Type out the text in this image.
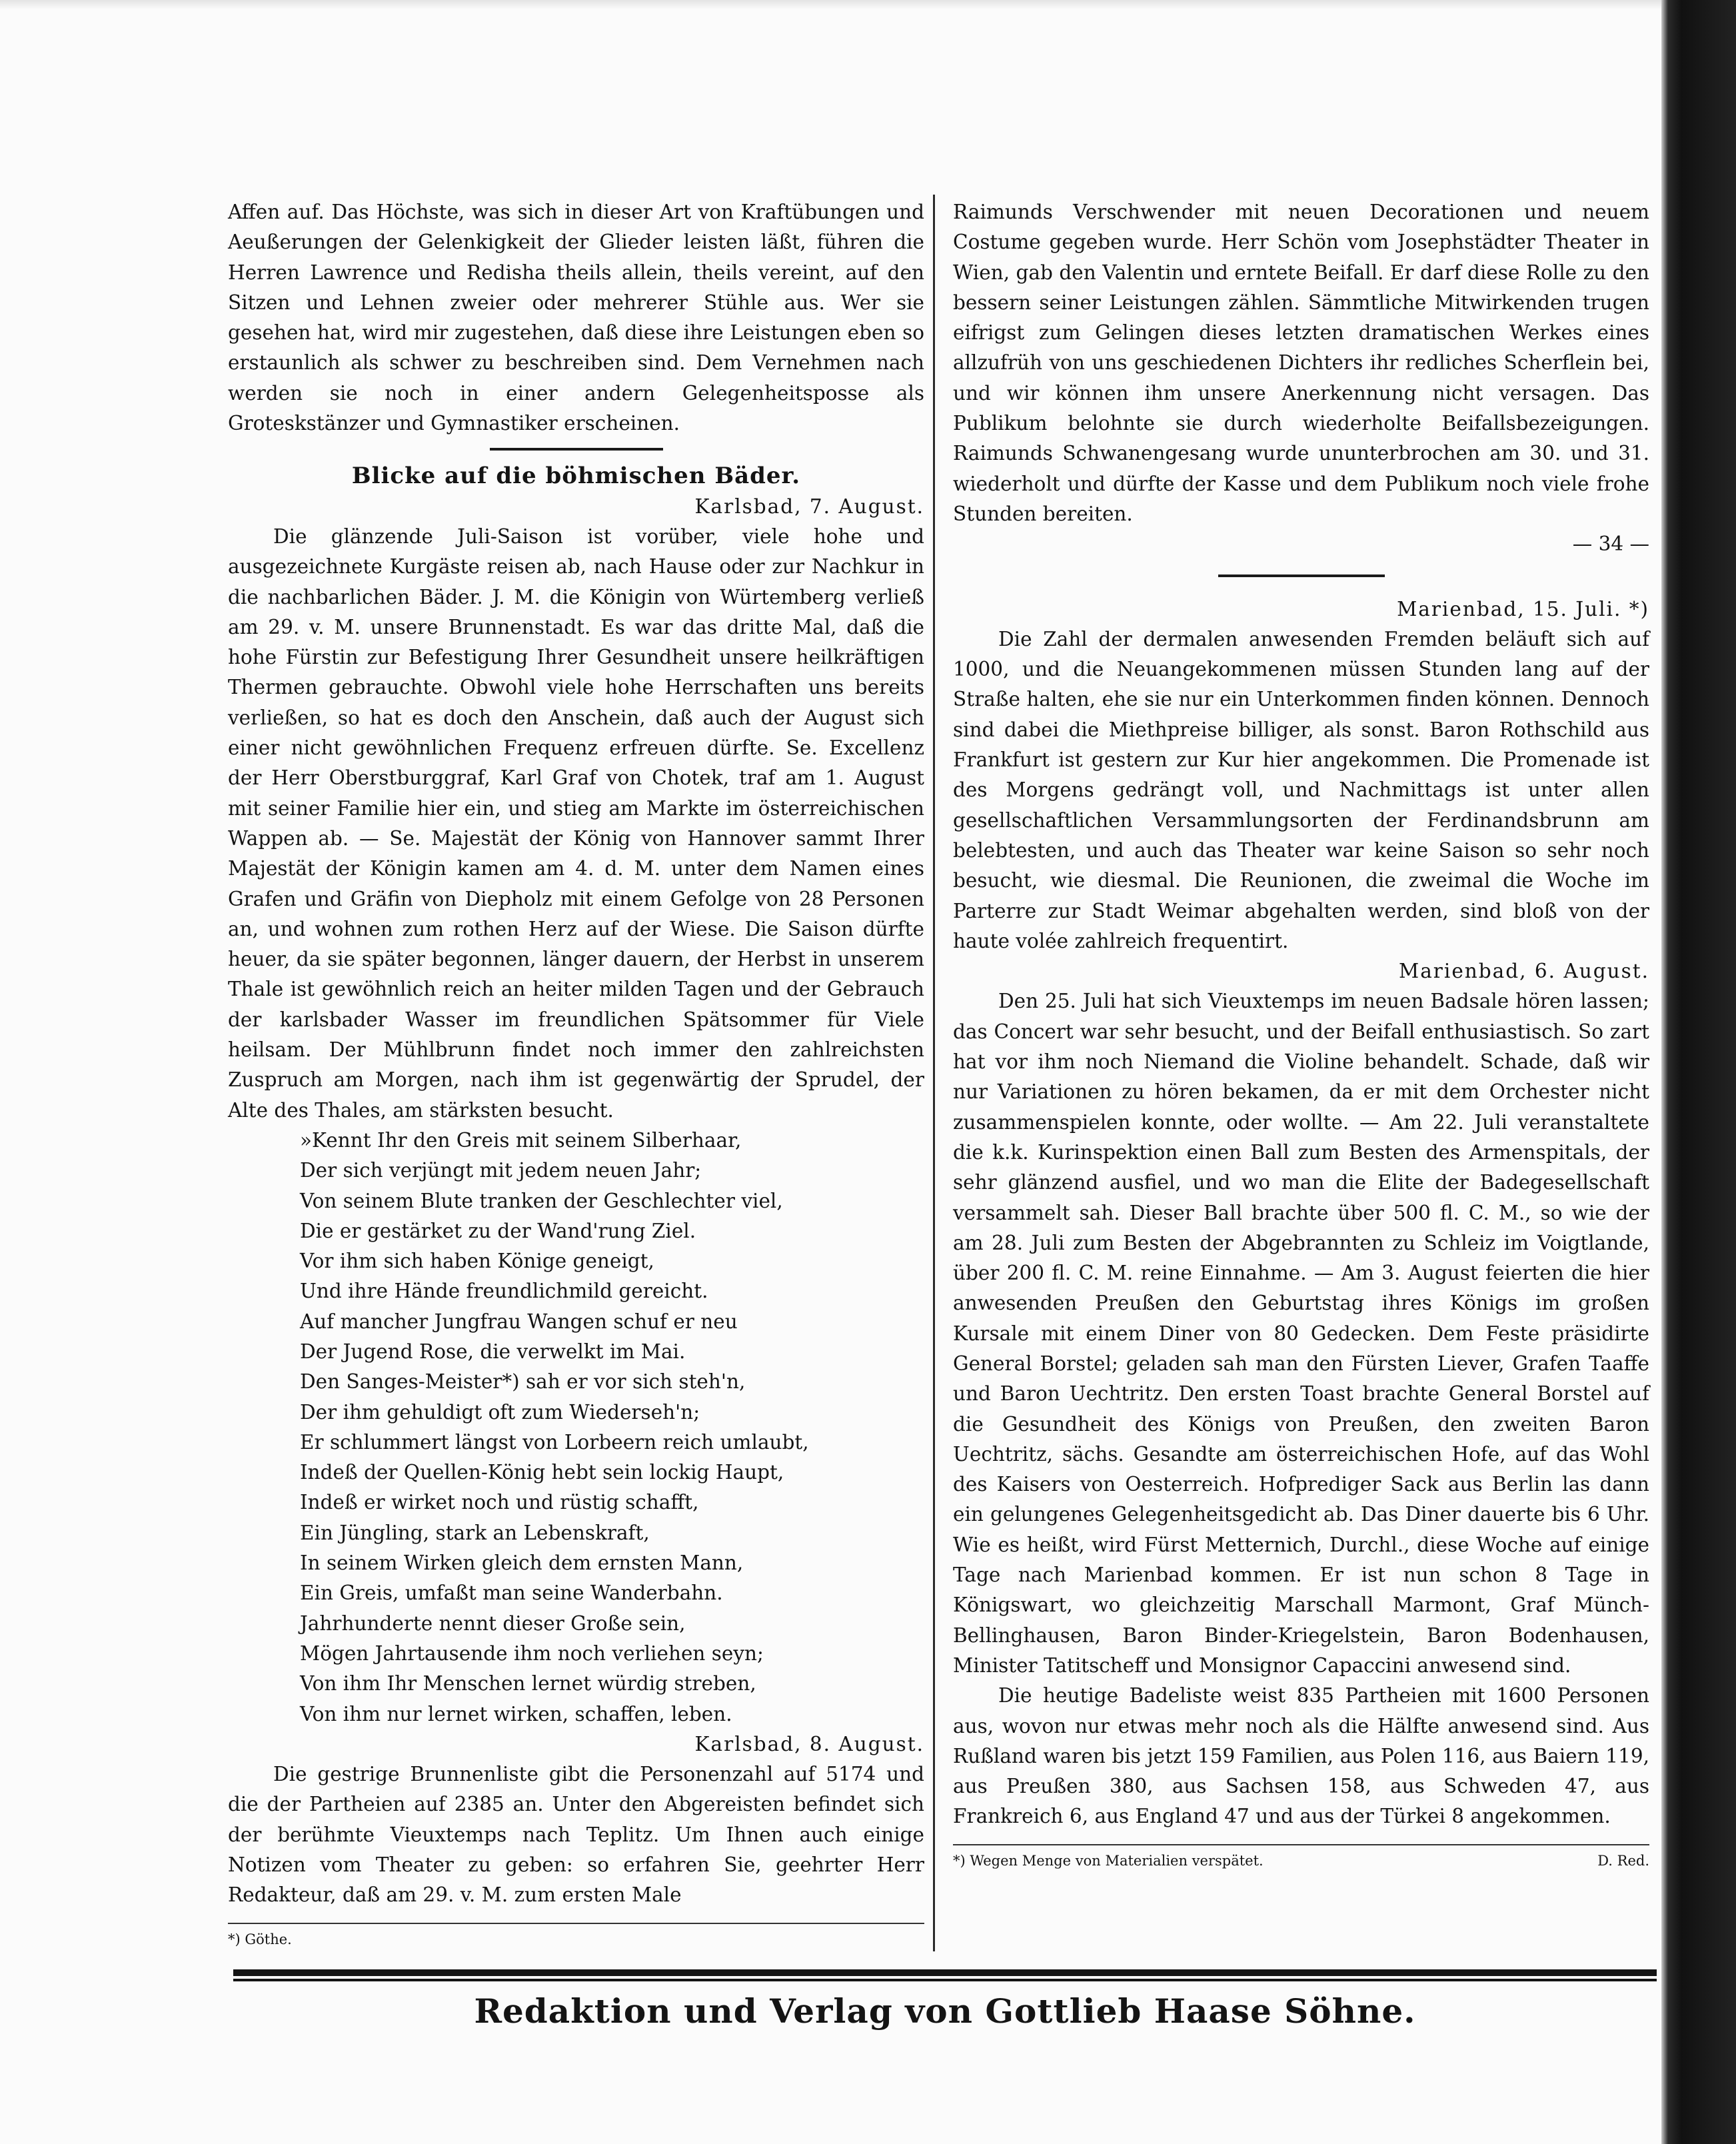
Affen auf. Das Höchste, was sich in dieser Art von Kraftübungen und Aeußerungen der Gelenkigkeit der Glieder leisten läßt, führen die Herren Lawrence und Redisha theils allein, theils vereint, auf den Sitzen und Lehnen zweier oder mehrerer Stühle aus. Wer sie gesehen hat, wird mir zugestehen, daß diese ihre Leistungen eben so erstaunlich als schwer zu beschreiben sind. Dem Vernehmen nach werden sie noch in einer andern Gelegenheitsposse als Groteskstänzer und Gymnastiker erscheinen.

Blicke auf die böhmischen Bäder.

Karlsbad, 7. August.

Die glänzende Juli-Saison ist vorüber, viele hohe und ausgezeichnete Kurgäste reisen ab, nach Hause oder zur Nachkur in die nachbarlichen Bäder. J. M. die Königin von Würtemberg verließ am 29. v. M. unsere Brunnenstadt. Es war das dritte Mal, daß die hohe Fürstin zur Befestigung Ihrer Gesundheit unsere heilkräftigen Thermen gebrauchte. Obwohl viele hohe Herrschaften uns bereits verließen, so hat es doch den Anschein, daß auch der August sich einer nicht gewöhnlichen Frequenz erfreuen dürfte. Se. Excellenz der Herr Oberstburggraf, Karl Graf von Chotek, traf am 1. August mit seiner Familie hier ein, und stieg am Markte im österreichischen Wappen ab. — Se. Majestät der König von Hannover sammt Ihrer Majestät der Königin kamen am 4. d. M. unter dem Namen eines Grafen und Gräfin von Diepholz mit einem Gefolge von 28 Personen an, und wohnen zum rothen Herz auf der Wiese. Die Saison dürfte heuer, da sie später begonnen, länger dauern, der Herbst in unserem Thale ist gewöhnlich reich an heiter milden Tagen und der Gebrauch der karlsbader Wasser im freundlichen Spätsommer für Viele heilsam. Der Mühlbrunn findet noch immer den zahlreichsten Zuspruch am Morgen, nach ihm ist gegenwärtig der Sprudel, der Alte des Thales, am stärksten besucht.

»Kennt Ihr den Greis mit seinem Silberhaar,
Der sich verjüngt mit jedem neuen Jahr;
Von seinem Blute tranken der Geschlechter viel,
Die er gestärket zu der Wand'rung Ziel.
Vor ihm sich haben Könige geneigt,
Und ihre Hände freundlichmild gereicht.
Auf mancher Jungfrau Wangen schuf er neu
Der Jugend Rose, die verwelkt im Mai.
Den Sanges-Meister*) sah er vor sich steh'n,
Der ihm gehuldigt oft zum Wiederseh'n;
Er schlummert längst von Lorbeern reich umlaubt,
Indeß der Quellen-König hebt sein lockig Haupt,
Indeß er wirket noch und rüstig schafft,
Ein Jüngling, stark an Lebenskraft,
In seinem Wirken gleich dem ernsten Mann,
Ein Greis, umfaßt man seine Wanderbahn.
Jahrhunderte nennt dieser Große sein,
Mögen Jahrtausende ihm noch verliehen seyn;
Von ihm Ihr Menschen lernet würdig streben,
Von ihm nur lernet wirken, schaffen, leben.

Karlsbad, 8. August.

Die gestrige Brunnenliste gibt die Personenzahl auf 5174 und die der Partheien auf 2385 an. Unter den Abgereisten befindet sich der berühmte Vieuxtemps nach Teplitz. Um Ihnen auch einige Notizen vom Theater zu geben: so erfahren Sie, geehrter Herr Redakteur, daß am 29. v. M. zum ersten Male

*) Göthe.

Raimunds Verschwender mit neuen Decorationen und neuem Costume gegeben wurde. Herr Schön vom Josephstädter Theater in Wien, gab den Valentin und erntete Beifall. Er darf diese Rolle zu den bessern seiner Leistungen zählen. Sämmtliche Mitwirkenden trugen eifrigst zum Gelingen dieses letzten dramatischen Werkes eines allzufrüh von uns geschiedenen Dichters ihr redliches Scherflein bei, und wir können ihm unsere Anerkennung nicht versagen. Das Publikum belohnte sie durch wiederholte Beifallsbezeigungen. Raimunds Schwanengesang wurde ununterbrochen am 30. und 31. wiederholt und dürfte der Kasse und dem Publikum noch viele frohe Stunden bereiten.

— 34 —

Marienbad, 15. Juli. *)

Die Zahl der dermalen anwesenden Fremden beläuft sich auf 1000, und die Neuangekommenen müssen Stunden lang auf der Straße halten, ehe sie nur ein Unterkommen finden können. Dennoch sind dabei die Miethpreise billiger, als sonst. Baron Rothschild aus Frankfurt ist gestern zur Kur hier angekommen. Die Promenade ist des Morgens gedrängt voll, und Nachmittags ist unter allen gesellschaftlichen Versammlungsorten der Ferdinandsbrunn am belebtesten, und auch das Theater war keine Saison so sehr noch besucht, wie diesmal. Die Reunionen, die zweimal die Woche im Parterre zur Stadt Weimar abgehalten werden, sind bloß von der haute volée zahlreich frequentirt.

Marienbad, 6. August.

Den 25. Juli hat sich Vieuxtemps im neuen Badsale hören lassen; das Concert war sehr besucht, und der Beifall enthusiastisch. So zart hat vor ihm noch Niemand die Violine behandelt. Schade, daß wir nur Variationen zu hören bekamen, da er mit dem Orchester nicht zusammenspielen konnte, oder wollte. — Am 22. Juli veranstaltete die k.k. Kurinspektion einen Ball zum Besten des Armenspitals, der sehr glänzend ausfiel, und wo man die Elite der Badegesellschaft versammelt sah. Dieser Ball brachte über 500 fl. C. M., so wie der am 28. Juli zum Besten der Abgebrannten zu Schleiz im Voigtlande, über 200 fl. C. M. reine Einnahme. — Am 3. August feierten die hier anwesenden Preußen den Geburtstag ihres Königs im großen Kursale mit einem Diner von 80 Gedecken. Dem Feste präsidirte General Borstel; geladen sah man den Fürsten Liever, Grafen Taaffe und Baron Uechtritz. Den ersten Toast brachte General Borstel auf die Gesundheit des Königs von Preußen, den zweiten Baron Uechtritz, sächs. Gesandte am österreichischen Hofe, auf das Wohl des Kaisers von Oesterreich. Hofprediger Sack aus Berlin las dann ein gelungenes Gelegenheitsgedicht ab. Das Diner dauerte bis 6 Uhr. Wie es heißt, wird Fürst Metternich, Durchl., diese Woche auf einige Tage nach Marienbad kommen. Er ist nun schon 8 Tage in Königswart, wo gleichzeitig Marschall Marmont, Graf Münch-Bellinghausen, Baron Binder-Kriegelstein, Baron Bodenhausen, Minister Tatitscheff und Monsignor Capaccini anwesend sind.

Die heutige Badeliste weist 835 Partheien mit 1600 Personen aus, wovon nur etwas mehr noch als die Hälfte anwesend sind. Aus Rußland waren bis jetzt 159 Familien, aus Polen 116, aus Baiern 119, aus Preußen 380, aus Sachsen 158, aus Schweden 47, aus Frankreich 6, aus England 47 und aus der Türkei 8 angekommen.

*) Wegen Menge von Materialien verspätet.	D. Red.
Redaktion und Verlag von Gottlieb Haase Söhne.
